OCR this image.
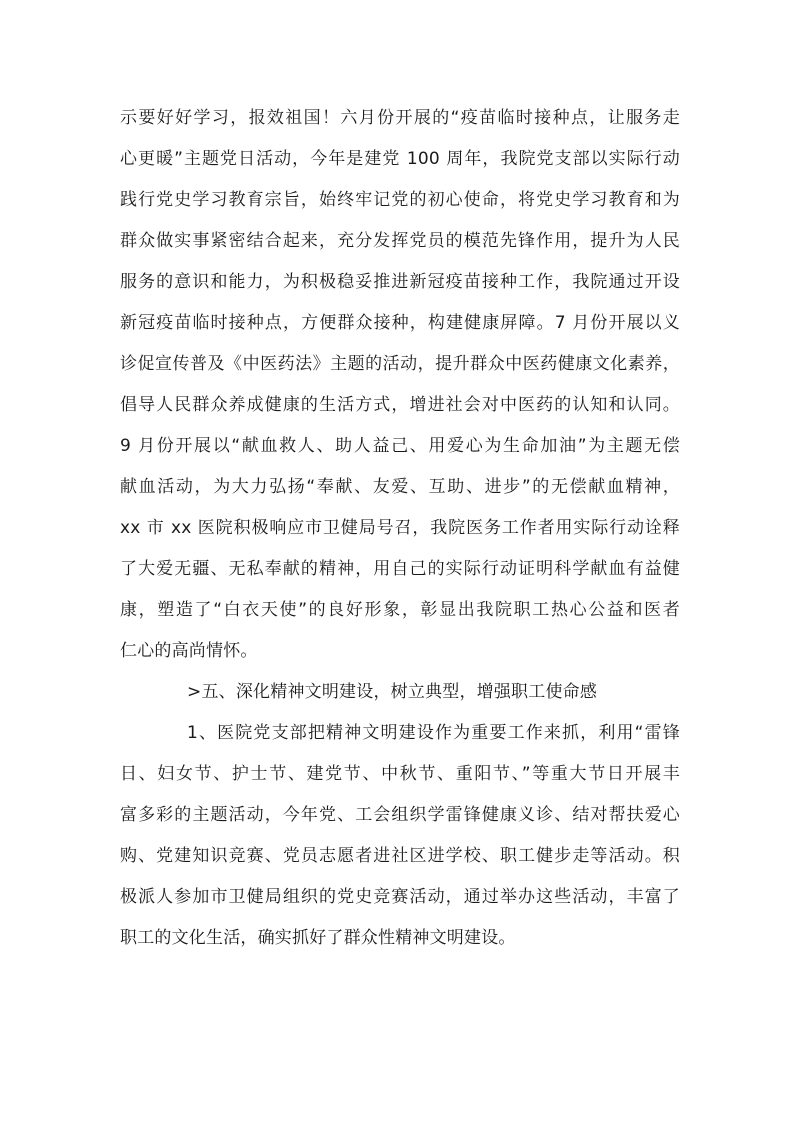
示要好好学习，报效祖国！六月份开展的“疫苗临时接种点，让服务走
心更暖”主题党日活动，今年是建党 100 周年，我院党支部以实际行动
践行党史学习教育宗旨，始终牢记党的初心使命，将党史学习教育和为
群众做实事紧密结合起来，充分发挥党员的模范先锋作用，提升为人民
服务的意识和能力，为积极稳妥推进新冠疫苗接种工作，我院通过开设
新冠疫苗临时接种点，方便群众接种，构建健康屏障。7 月份开展以义
诊促宣传普及《中医药法》主题的活动，提升群众中医药健康文化素养，
倡导人民群众养成健康的生活方式，增进社会对中医药的认知和认同。
9 月份开展以“献血救人、助人益己、用爱心为生命加油”为主题无偿
献血活动，为大力弘扬“奉献、友爱、互助、进步”的无偿献血精神，
xx 市 xx 医院积极响应市卫健局号召，我院医务工作者用实际行动诠释
了大爱无疆、无私奉献的精神，用自己的实际行动证明科学献血有益健
康，塑造了“白衣天使”的良好形象，彰显出我院职工热心公益和医者
仁心的高尚情怀。
>五、深化精神文明建设，树立典型，增强职工使命感
1、医院党支部把精神文明建设作为重要工作来抓，利用“雷锋
日、妇女节、护士节、建党节、中秋节、重阳节、”等重大节日开展丰
富多彩的主题活动，今年党、工会组织学雷锋健康义诊、结对帮扶爱心
购、党建知识竞赛、党员志愿者进社区进学校、职工健步走等活动。积
极派人参加市卫健局组织的党史竞赛活动，通过举办这些活动，丰富了
职工的文化生活，确实抓好了群众性精神文明建设。
